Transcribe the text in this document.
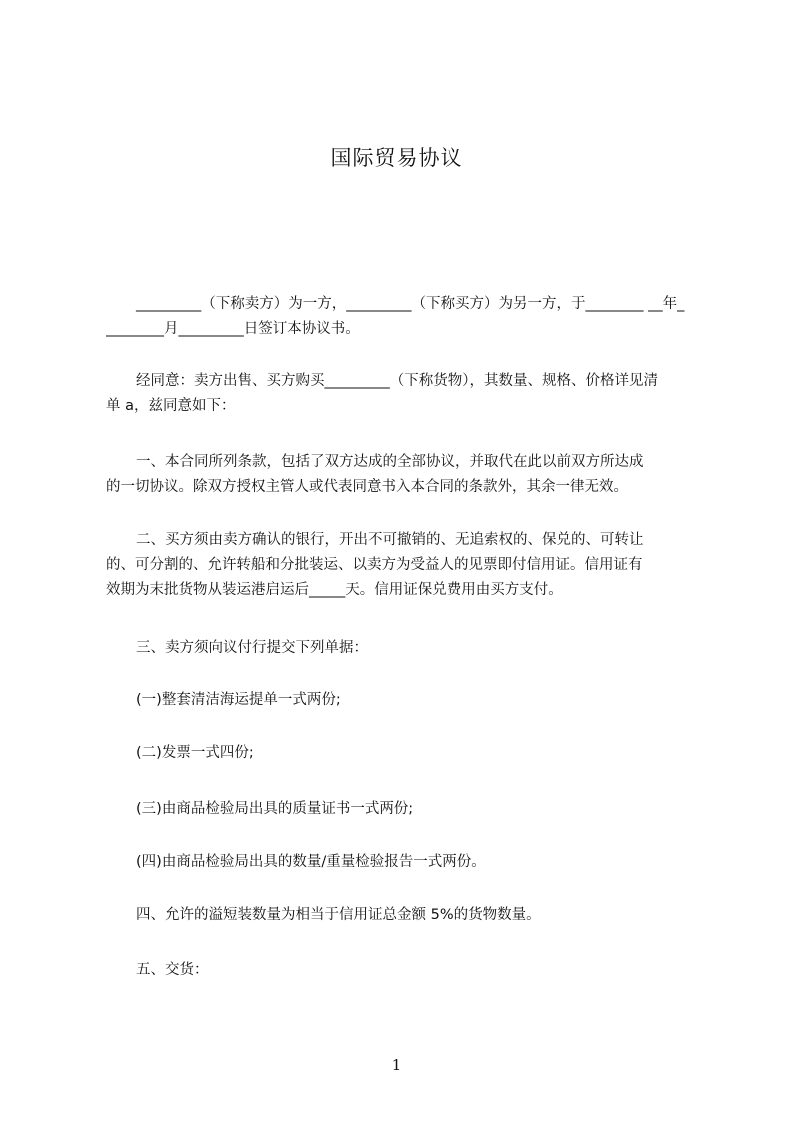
国际贸易协议
_________（下称卖方）为一方，_________（下称买方）为另一方，于________ __年_
________月_________日签订本协议书。
经同意：卖方出售、买方购买_________（下称货物），其数量、规格、价格详见清
单 a，兹同意如下：
一、本合同所列条款，包括了双方达成的全部协议，并取代在此以前双方所达成
的一切协议。除双方授权主管人或代表同意书入本合同的条款外，其余一律无效。
二、买方须由卖方确认的银行，开出不可撤销的、无追索权的、保兑的、可转让
的、可分割的、允许转船和分批装运、以卖方为受益人的见票即付信用证。信用证有
效期为末批货物从装运港启运后_____天。信用证保兑费用由买方支付。
三、卖方须向议付行提交下列单据：
(一)整套清洁海运提单一式两份;
(二)发票一式四份;
(三)由商品检验局出具的质量证书一式两份;
(四)由商品检验局出具的数量/重量检验报告一式两份。
四、允许的溢短装数量为相当于信用证总金额 5%的货物数量。
五、交货：
1
